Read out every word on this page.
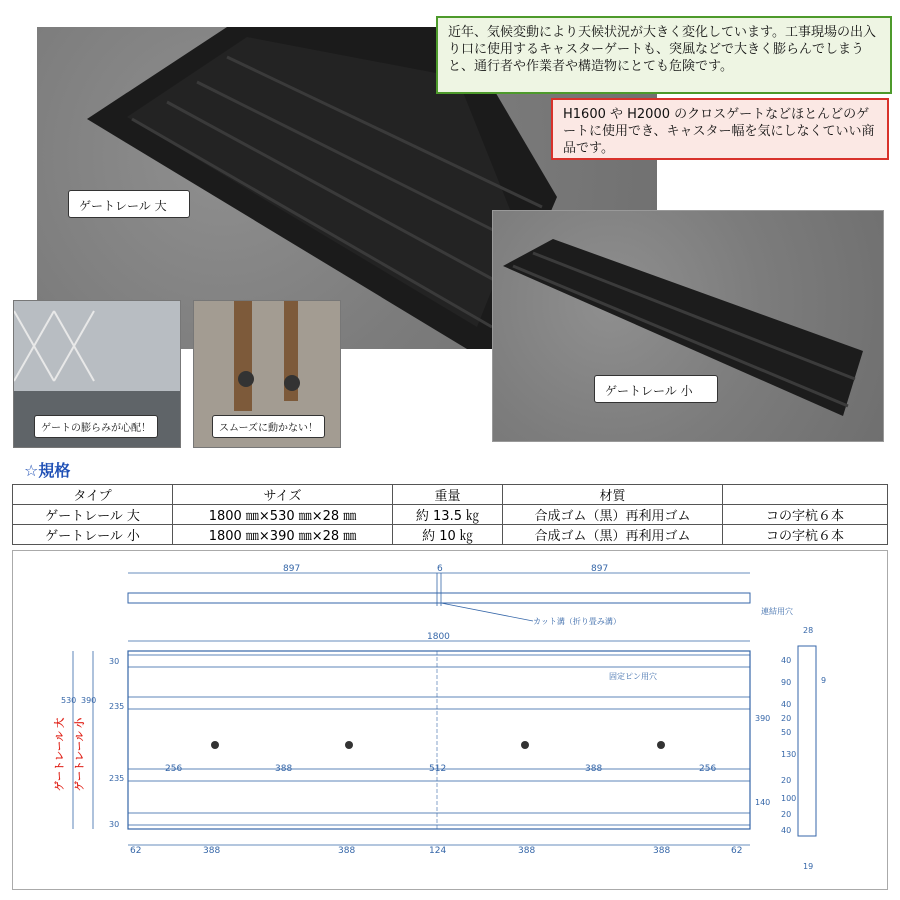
近年、気候変動により天候状況が大きく変化しています。工事現場の出入り口に使用するキャスターゲートも、突風などで大きく膨らんでしまうと、通行者や作業者や構造物にとても危険です。
H1600 や H2000 のクロスゲートなどほとんどのゲートに使用でき、キャスター幅を気にしなくていい商品です。
ゲートレール 大
ゲートレール 小
ゲートの膨らみが心配！	スムーズに動かない！
☆規格
タイプ	サイズ	重量	材質	
ゲートレール 大	1800 ㎜×530 ㎜×28 ㎜	約 13.5 ㎏	合成ゴム（黒）再利用ゴム	コの字杭６本
ゲートレール 小	1800 ㎜×390 ㎜×28 ㎜	約 10 ㎏	合成ゴム（黒）再利用ゴム	コの字杭６本
897	6	897
カット溝（折り畳み溝）
1800
連結用穴
固定ピン用穴
256	388	512	388	256
62	388	388	124	388	388	62
30
235
235
30
530 390
ゲートレール 大 ゲートレール 小	390
140
28
40
90	9
40
20
50
130
20
100
20
40
19
